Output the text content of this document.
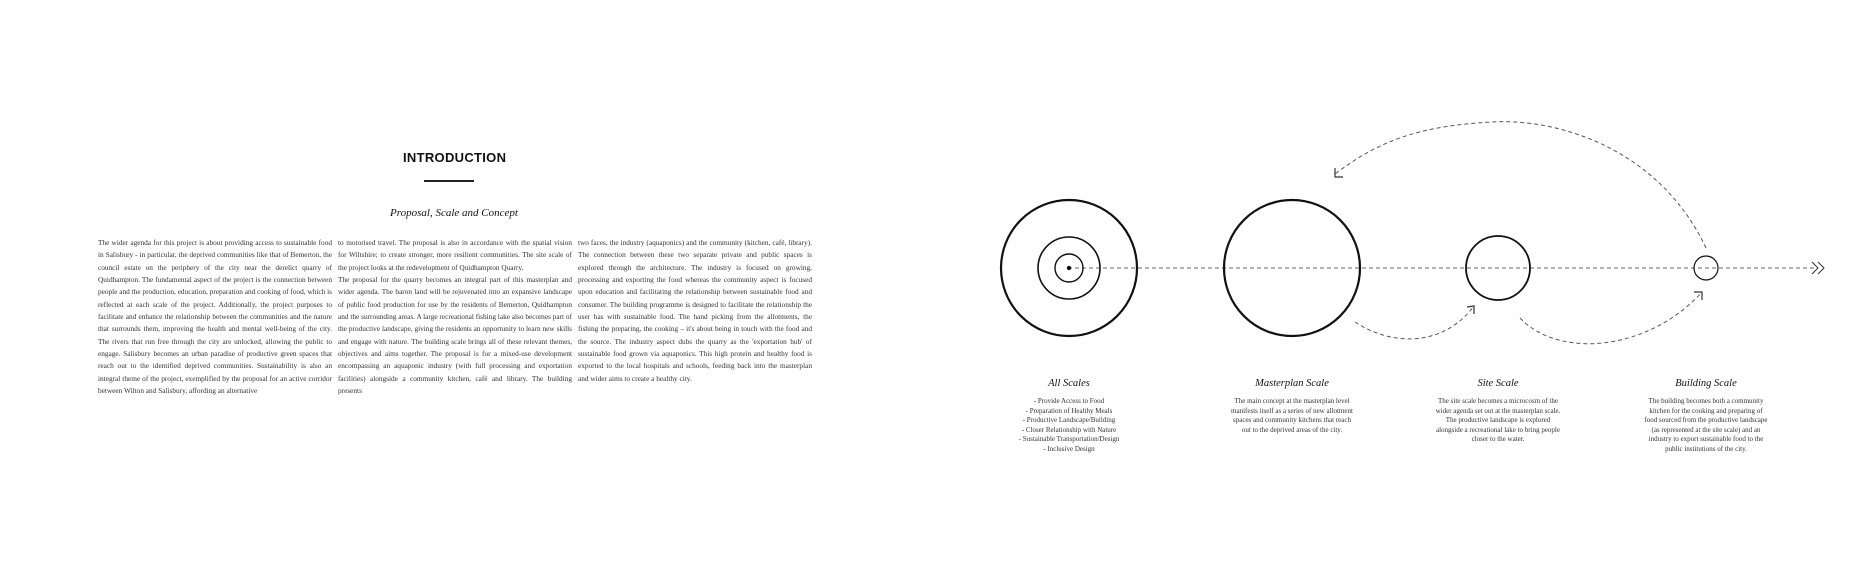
INTRODUCTION
Proposal, Scale and Concept

The wider agenda for this project is about providing access to sustainable food in Salisbury - in particular, the deprived communities like that of Bemerton, the council estate on the periphery of the city near the derelict quarry of Quidhampton. The fundamental aspect of the project is the connection between people and the production, education, preparation and cooking of food, which is reflected at each scale of the project. Additionally, the project purposes to facilitate and enhance the relationship between the communities and the nature that surrounds them, improving the health and mental well-being of the city. The rivers that run free through the city are unlocked, allowing the public to engage. Salisbury becomes an urban paradise of productive green spaces that reach out to the identified deprived communities. Sustainability is also an integral theme of the project, exemplified by the proposal for an active corridor between Wilton and Salisbury, affording an alternative

to motorised travel. The proposal is also in accordance with the spatial vision for Wiltshire; to create stronger, more resilient communities. The site scale of the project looks at the redevelopment of Quidhampton Quarry.

The proposal for the quarry becomes an integral part of this masterplan and wider agenda. The baron land will be rejuvenated into an expansive landscape of public food production for use by the residents of Bemerton, Quidhampton and the surrounding areas. A large recreational fishing lake also becomes part of the productive landscape, giving the residents an opportunity to learn new skills and engage with nature. The building scale brings all of these relevant themes, objectives and aims together. The proposal is for a mixed-use development encompassing an aquaponic industry (with full processing and exportation facilities) alongside a community kitchen, café and library. The building presents

two faces, the industry (aquaponics) and the community (kitchen, café, library). The connection between these two separate private and public spaces is explored through the architecture. The industry is focused on growing, processing and exporting the food whereas the community aspect is focused upon education and facilitating the relationship between sustainable food and consumer. The building programme is designed to facilitate the relationship the user has with sustainable food. The hand picking from the allotments, the fishing the preparing, the cooking – it's about being in touch with the food and the source. The industry aspect dubs the quarry as the 'exportation hub' of sustainable food grown via aquaponics. This high protein and healthy food is exported to the local hospitals and schools, feeding back into the masterplan and wider aims to create a healthy city.	All Scales
- Provide Access to Food
- Preparation of Healthy Meals
- Productive Landscape/Building
- Closer Relationship with Nature
- Sustainable Transportation/Design
- Inclusive Design
Masterplan Scale
The main concept at the masterplan level
manifests itself as a series of new allotment
spaces and community kitchens that reach
out to the deprived areas of the city.
Site Scale
The site scale becomes a microcosm of the
wider agenda set out at the masterplan scale.
The productive landscape is explored
alongside a recreational lake to bring people
closer to the water.
Building Scale
The building becomes both a community
kitchen for the cooking and preparing of
food sourced from the productive landscape
(as represented at the site scale) and an
industry to export sustainable food to the
public institutions of the city.
